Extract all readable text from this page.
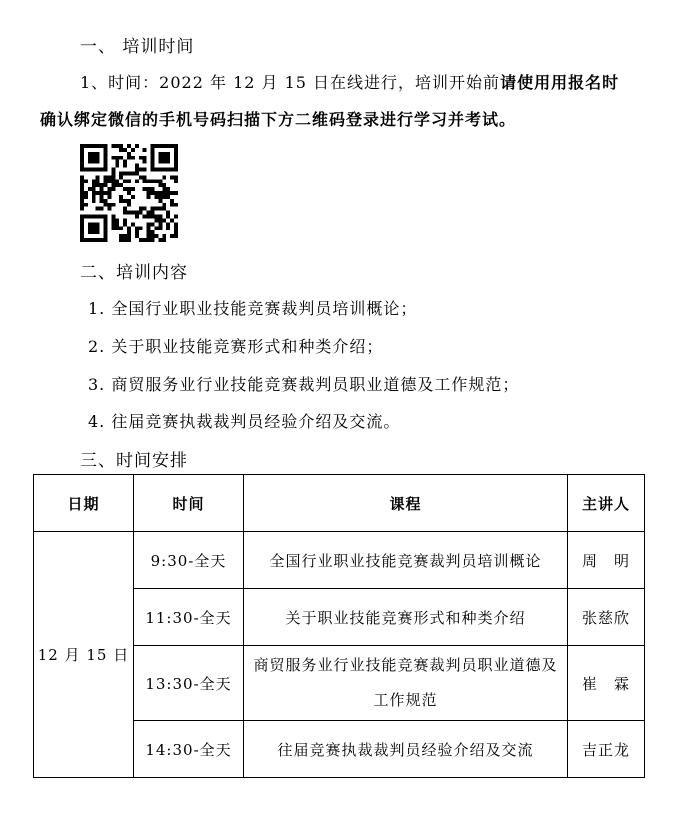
一、 培训时间
1、时间：2022 年 12 月 15 日在线进行，培训开始前请使用用报名时
确认绑定微信的手机号码扫描下方二维码登录进行学习并考试。
二、培训内容
1. 全国行业职业技能竞赛裁判员培训概论；
2. 关于职业技能竞赛形式和种类介绍；
3. 商贸服务业行业技能竞赛裁判员职业道德及工作规范；
4. 往届竞赛执裁裁判员经验介绍及交流。
三、时间安排
日期	时间	课程	主讲人
12 月 15 日	9:30-全天	全国行业职业技能竞赛裁判员培训概论	周　明
	11:30-全天	关于职业技能竞赛形式和种类介绍	张慈欣
	13:30-全天	商贸服务业行业技能竞赛裁判员职业道德及工作规范	崔　霖
	14:30-全天	往届竞赛执裁裁判员经验介绍及交流	吉正龙
